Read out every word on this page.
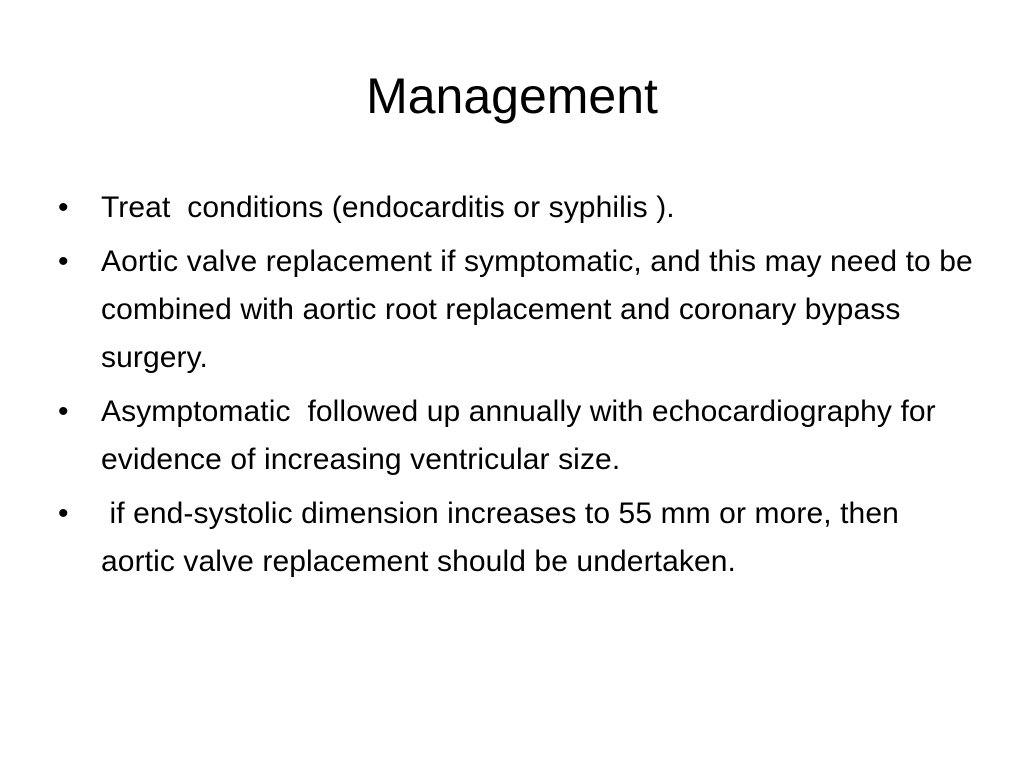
Management
• Treat  conditions (endocarditis or syphilis ).
• Aortic valve replacement if symptomatic, and this may need to be combined with aortic root replacement and coronary bypass surgery.
• Asymptomatic  followed up annually with echocardiography for evidence of increasing ventricular size.
• if end-systolic dimension increases to 55 mm or more, then aortic valve replacement should be undertaken.
